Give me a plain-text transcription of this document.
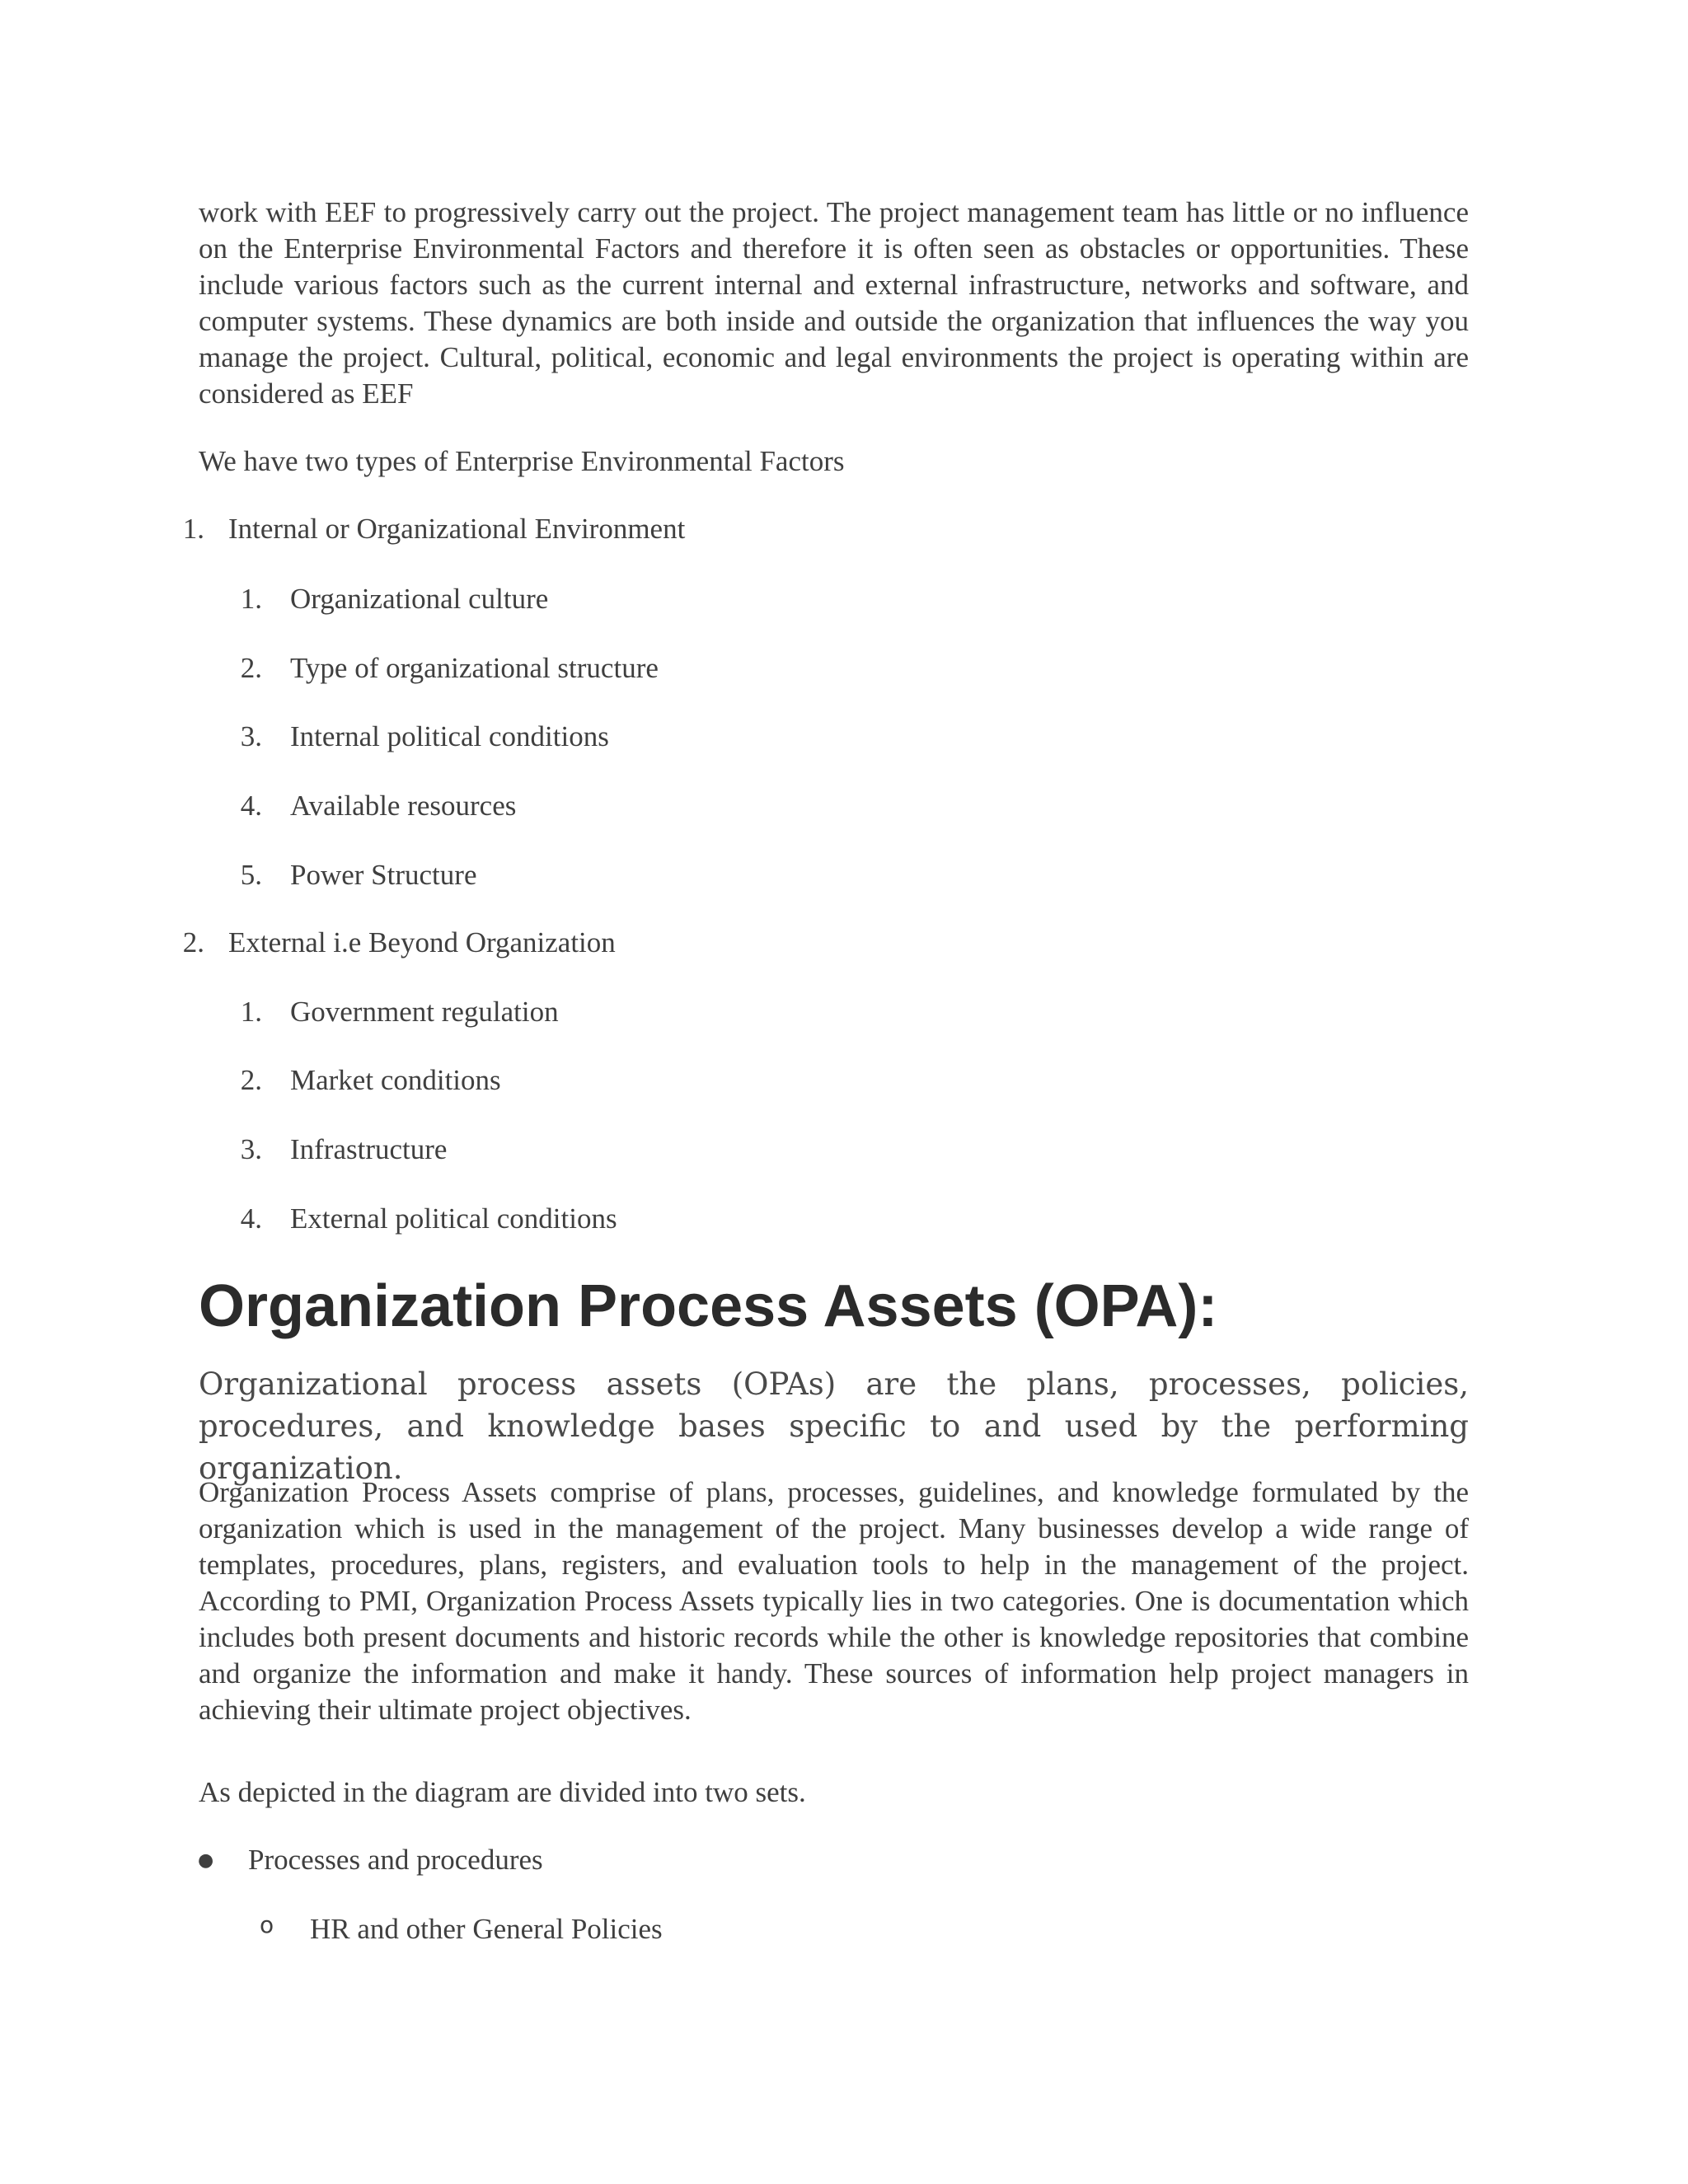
work with EEF to progressively carry out the project. The project management team has little or no influence on the Enterprise Environmental Factors and therefore it is often seen as obstacles or opportunities. These include various factors such as the current internal and external infrastructure, networks and software, and computer systems. These dynamics are both inside and outside the organization that influences the way you manage the project. Cultural, political, economic and legal environments the project is operating within are considered as EEF

We have two types of Enterprise Environmental Factors

1. Internal or Organizational Environment
1. Organizational culture
2. Type of organizational structure
3. Internal political conditions
4. Available resources
5. Power Structure
2. External i.e Beyond Organization
1. Government regulation
2. Market conditions
3. Infrastructure
4. External political conditions
Organization Process Assets (OPA):

Organizational process assets (OPAs) are the plans, processes, policies, procedures, and knowledge bases specific to and used by the performing organization.

Organization Process Assets comprise of plans, processes, guidelines, and knowledge formulated by the organization which is used in the management of the project. Many businesses develop a wide range of templates, procedures, plans, registers, and evaluation tools to help in the management of the project. According to PMI, Organization Process Assets typically lies in two categories. One is documentation which includes both present documents and historic records while the other is knowledge repositories that combine and organize the information and make it handy. These sources of information help project managers in achieving their ultimate project objectives.

As depicted in the diagram are divided into two sets.

● Processes and procedures
o HR and other General Policies
